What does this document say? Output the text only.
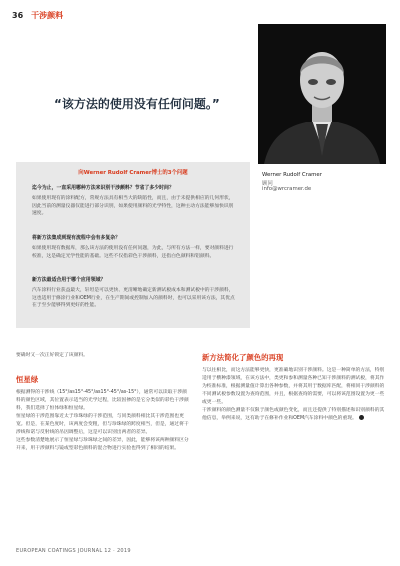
36 干涉颜料
“该方法的使用没有任何问题。”
Werner Rudolf Cramer
顾问
info@wrcramer.de
向Werner Rudolf Cramer博士的3个问题
迄今为止，一直采用哪种方法来识别干涉颜料？节省了多少时间？
如果使用现有的涂料配方，常规方法具有相当大的缺陷性，而且，由于未提供相应的几何形状，因此当前的测量仪器仅能进行部分识别，如果使用颜料的光学特性，这种主动方法能够加快识别速度。
将新方法集成到现有流程中会有多复杂？
如果使用现有数据库，那么该方法的使用没有任何问题，为此，与所有方法一样，要对颜料进行校准，这是确定光学性能的基础。这些不仅指彩色干涉颜料，还指白色颜料和铝颜料。
新方法最适合用于哪个应用领域？
汽车涂料行业获益最大，轩坦是可以更快、更清晰地确定新测试板成本和测试板中的干涉颜料，这也适用于修涂行业和OEM行业，在生产期间或控制加入的颜料时，也可以采用该方法，其优点在于至少能够得到更好的性能。

要确时又一次正好锁定了该颜料。

恒星绿

根据测得的干涉线（15°/as15°-45°/as15°-45°/as-15°），通常可以读取干涉颜料的颜色区域，其位置表示适当的光学过程，比较因掺的是它分类似的彩色干涉颜料，我们选择了恒体绿和恒星绿。

恒星绿的干涉范围靠近太于珍珠绿的干涉范围，与同类颜料相比其干涉范围也更宽。但是，在某色度时，该两度会变粗，但与珍珠绿的跨度相当，但是，通过将干涉线和诺与反射线的吊因调整后，这是可以识别出两者的差异。

这些参数清楚地展示了恒星绿与珍珠绿之间的差异，因此，能够将该两种颜料区分开来，用干涉颜料与镜或型彩色颜料的混合物进行实验也得到了相同的结果。

新方法简化了颜色的再现

与以往相比，而这方法能够更快，更准确地识别干涉颜料。这是一种简单的方法，特别适用于横种漆领域，在该方法中，类更和参和测量各种已知干涉颜料的测试板，将其作为校准标准，根据测量值计算出各种参数，并将其用于数据库匹配，将相同干涉颜料的不同测试板参数设置为查询范围，并且，根据查询的需要，可以将该范围设置为更一些或更一些。

干涉颜料的颜色测量不仅限于颜色或颜色变化，而且还提供了特别描述和识别颜料的其他信息，举例来说，这有助于在修补作业和OEM汽车涂料中颜色的重现。

EUROPEAN COATINGS JOURNAL 12 · 2019
